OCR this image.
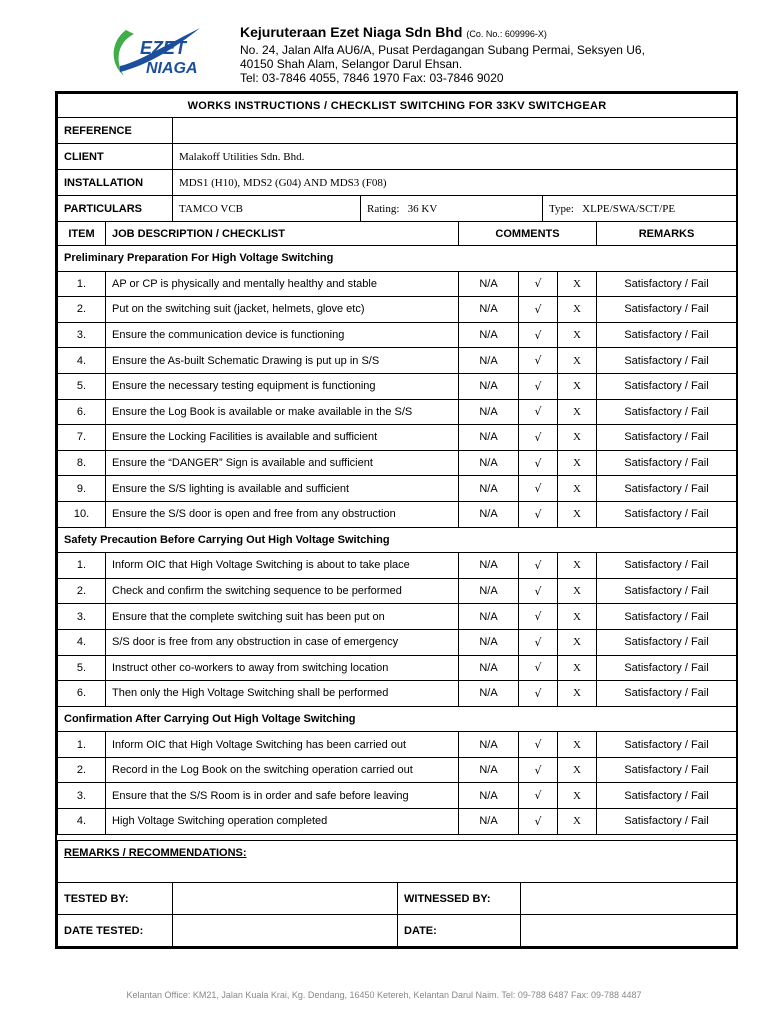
EZET
NIAGA
Kejuruteraan Ezet Niaga Sdn Bhd (Co. No.: 609996-X)
No. 24, Jalan Alfa AU6/A, Pusat Perdagangan Subang Permai, Seksyen U6,
40150 Shah Alam, Selangor Darul Ehsan.
Tel: 03-7846 4055, 7846 1970 Fax: 03-7846 9020
WORKS INSTRUCTIONS / CHECKLIST SWITCHING FOR 33KV SWITCHGEAR			
REFERENCE			
CLIENT	Malakoff Utilities Sdn. Bhd.		
INSTALLATION	MDS1 (H10), MDS2 (G04) AND MDS3 (F08)		
PARTICULARS	TAMCO VCB	Rating: 36 KV	Type: XLPE/SWA/SCT/PE
ITEM	JOB DESCRIPTION / CHECKLIST	COMMENTS			REMARKS
Preliminary Preparation For High Voltage Switching					
1.	AP or CP is physically and mentally healthy and stable	N/A	√	X	Satisfactory / Fail
2.	Put on the switching suit (jacket, helmets, glove etc)	N/A	√	X	Satisfactory / Fail
3.	Ensure the communication device is functioning	N/A	√	X	Satisfactory / Fail
4.	Ensure the As-built Schematic Drawing is put up in S/S	N/A	√	X	Satisfactory / Fail
5.	Ensure the necessary testing equipment is functioning	N/A	√	X	Satisfactory / Fail
6.	Ensure the Log Book is available or make available in the S/S	N/A	√	X	Satisfactory / Fail
7.	Ensure the Locking Facilities is available and sufficient	N/A	√	X	Satisfactory / Fail
8.	Ensure the “DANGER” Sign is available and sufficient	N/A	√	X	Satisfactory / Fail
9.	Ensure the S/S lighting is available and sufficient	N/A	√	X	Satisfactory / Fail
10.	Ensure the S/S door is open and free from any obstruction	N/A	√	X	Satisfactory / Fail
Safety Precaution Before Carrying Out High Voltage Switching					
1.	Inform OIC that High Voltage Switching is about to take place	N/A	√	X	Satisfactory / Fail
2.	Check and confirm the switching sequence to be performed	N/A	√	X	Satisfactory / Fail
3.	Ensure that the complete switching suit has been put on	N/A	√	X	Satisfactory / Fail
4.	S/S door is free from any obstruction in case of emergency	N/A	√	X	Satisfactory / Fail
5.	Instruct other co-workers to away from switching location	N/A	√	X	Satisfactory / Fail
6.	Then only the High Voltage Switching shall be performed	N/A	√	X	Satisfactory / Fail
Confirmation After Carrying Out High Voltage Switching					
1.	Inform OIC that High Voltage Switching has been carried out	N/A	√	X	Satisfactory / Fail
2.	Record in the Log Book on the switching operation carried out	N/A	√	X	Satisfactory / Fail
3.	Ensure that the S/S Room is in order and safe before leaving	N/A	√	X	Satisfactory / Fail
4.	High Voltage Switching operation completed	N/A	√	X	Satisfactory / Fail
REMARKS / RECOMMENDATIONS:			
TESTED BY:		WITNESSED BY:	
DATE TESTED:		DATE:	
Kelantan Office: KM21, Jalan Kuala Krai, Kg. Dendang, 16450 Ketereh, Kelantan Darul Naim. Tel: 09-788 6487 Fax: 09-788 4487
